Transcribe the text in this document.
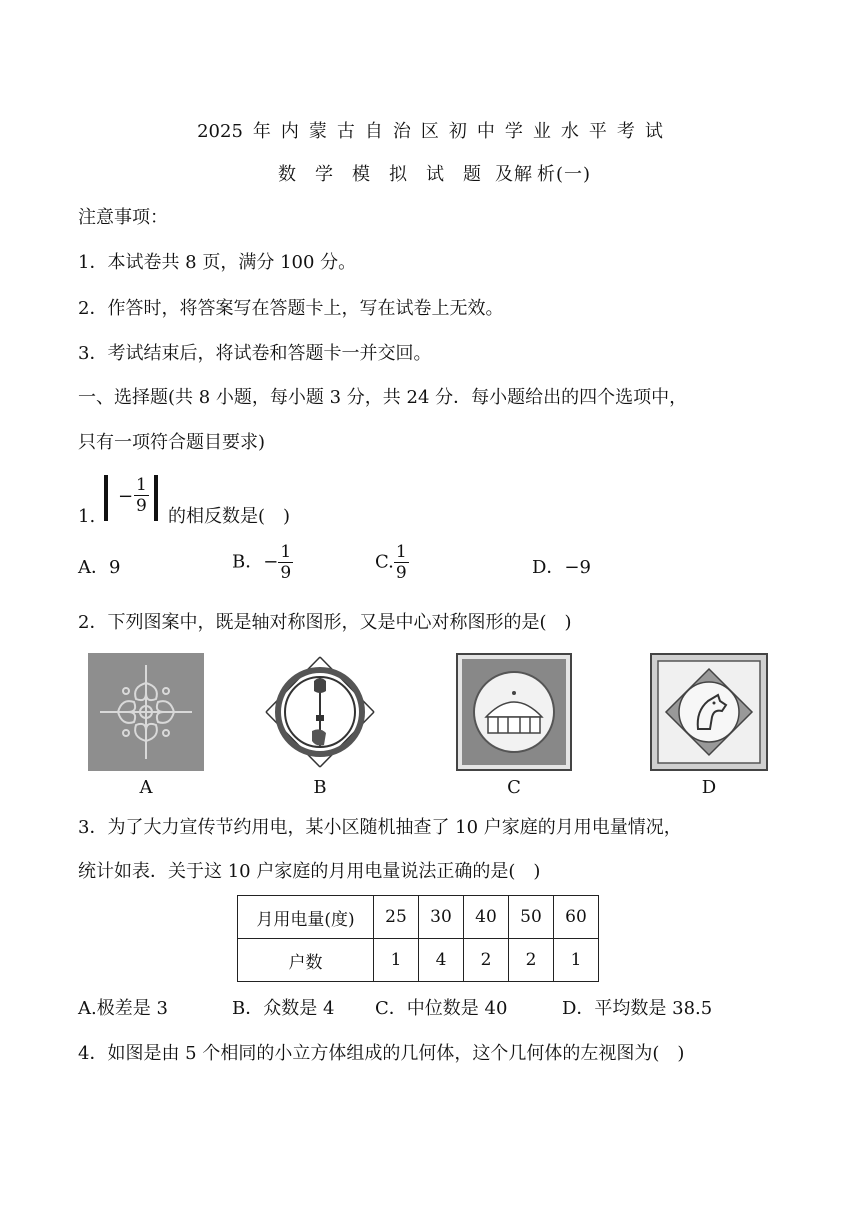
2025 年 内 蒙 古 自 治 区 初 中 学 业 水 平 考 试
数 学 模 拟 试 题 及解 析(一)
注意事项：
1．本试卷共 8 页，满分 100 分。
2．作答时，将答案写在答题卡上，写在试卷上无效。
3．考试结束后，将试卷和答题卡一并交回。
一、选择题(共 8 小题，每小题 3 分，共 24 分．每小题给出的四个选项中，
只有一项符合题目要求)
1.
− $\frac{1}{9}$
的相反数是(　)
A．9	B．− $\frac{1}{9}$	C. $\frac{1}{9}$	D．−9
2．下列图案中，既是轴对称图形，又是中心对称图形的是(　)
A	B	C	D
3．为了大力宣传节约用电，某小区随机抽查了 10 户家庭的月用电量情况，
统计如表．关于这 10 户家庭的月用电量说法正确的是(　)
月用电量(度)	25	30	40	50	60
户数	1	4	2	2	1
A.极差是 3	B．众数是 4 C．中位数是 40	D．平均数是 38.5
4．如图是由 5 个相同的小立方体组成的几何体，这个几何体的左视图为(　)
